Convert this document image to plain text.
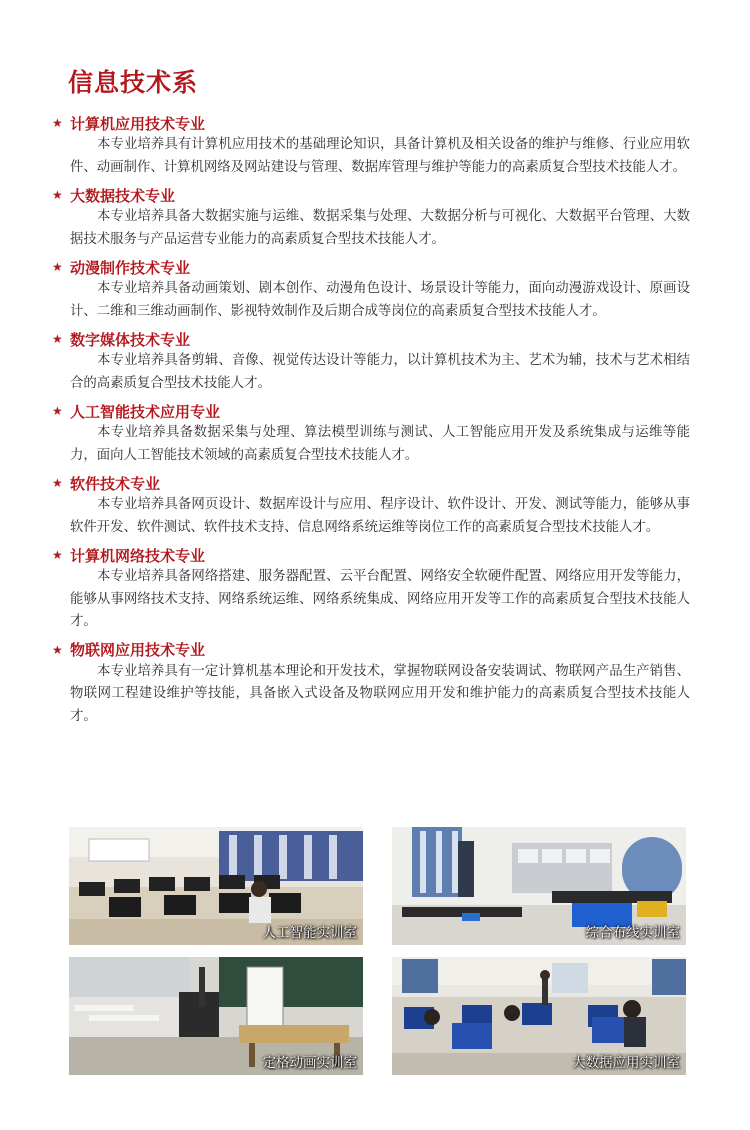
信息技术系
★ 计算机应用技术专业
本专业培养具有计算机应用技术的基础理论知识，具备计算机及相关设备的维护与维修、行业应用软件、动画制作、计算机网络及网站建设与管理、数据库管理与维护等能力的高素质复合型技术技能人才。
★ 大数据技术专业
本专业培养具备大数据实施与运维、数据采集与处理、大数据分析与可视化、大数据平台管理、大数据技术服务与产品运营专业能力的高素质复合型技术技能人才。
★ 动漫制作技术专业
本专业培养具备动画策划、剧本创作、动漫角色设计、场景设计等能力，面向动漫游戏设计、原画设计、二维和三维动画制作、影视特效制作及后期合成等岗位的高素质复合型技术技能人才。
★ 数字媒体技术专业
本专业培养具备剪辑、音像、视觉传达设计等能力，以计算机技术为主、艺术为辅，技术与艺术相结合的高素质复合型技术技能人才。
★ 人工智能技术应用专业
本专业培养具备数据采集与处理、算法模型训练与测试、人工智能应用开发及系统集成与运维等能力，面向人工智能技术领域的高素质复合型技术技能人才。
★ 软件技术专业
本专业培养具备网页设计、数据库设计与应用、程序设计、软件设计、开发、测试等能力，能够从事软件开发、软件测试、软件技术支持、信息网络系统运维等岗位工作的高素质复合型技术技能人才。
★ 计算机网络技术专业
本专业培养具备网络搭建、服务器配置、云平台配置、网络安全软硬件配置、网络应用开发等能力，能够从事网络技术支持、网络系统运维、网络系统集成、网络应用开发等工作的高素质复合型技术技能人才。
★ 物联网应用技术专业
本专业培养具有一定计算机基本理论和开发技术，掌握物联网设备安装调试、物联网产品生产销售、物联网工程建设维护等技能，具备嵌入式设备及物联网应用开发和维护能力的高素质复合型技术技能人才。
人工智能实训室	综合布线实训室
定格动画实训室	大数据应用实训室
